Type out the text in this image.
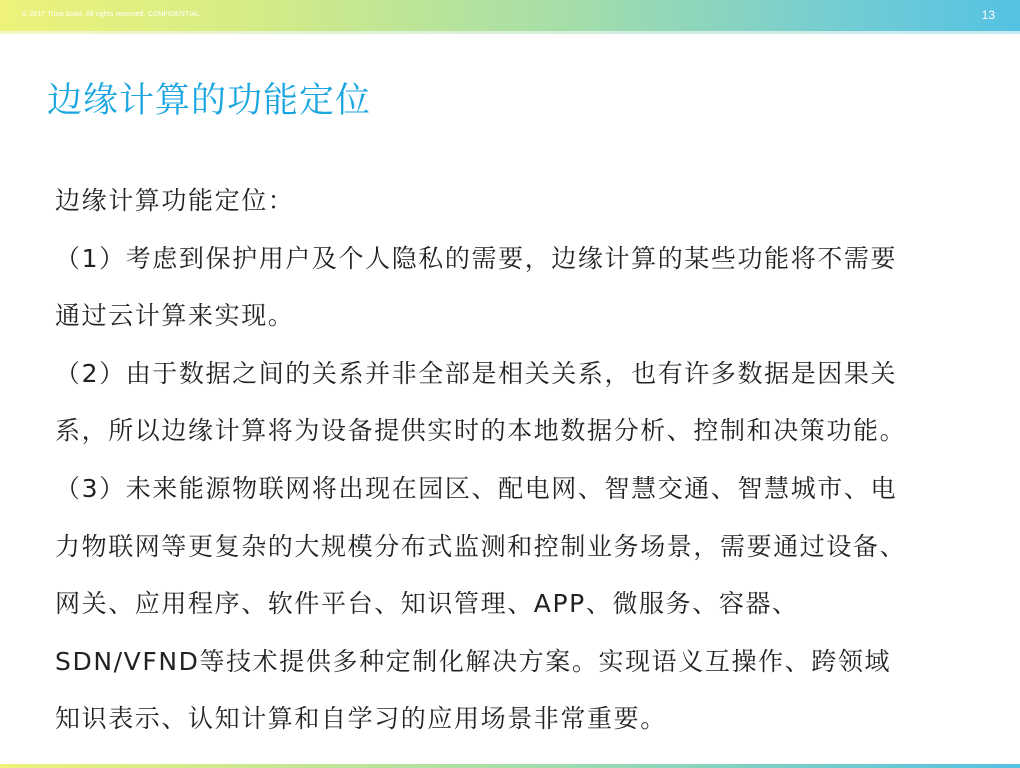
© 2017 Trina Solar. All rights reserved. CONFIDENTIAL.	13
边缘计算的功能定位
边缘计算功能定位：
（1）考虑到保护用户及个人隐私的需要，边缘计算的某些功能将不需要
通过云计算来实现。
（2）由于数据之间的关系并非全部是相关关系，也有许多数据是因果关
系，所以边缘计算将为设备提供实时的本地数据分析、控制和决策功能。
（3）未来能源物联网将出现在园区、配电网、智慧交通、智慧城市、电
力物联网等更复杂的大规模分布式监测和控制业务场景，需要通过设备、
网关、应用程序、软件平台、知识管理、APP、微服务、容器、
SDN/VFND等技术提供多种定制化解决方案。实现语义互操作、跨领域
知识表示、认知计算和自学习的应用场景非常重要。
